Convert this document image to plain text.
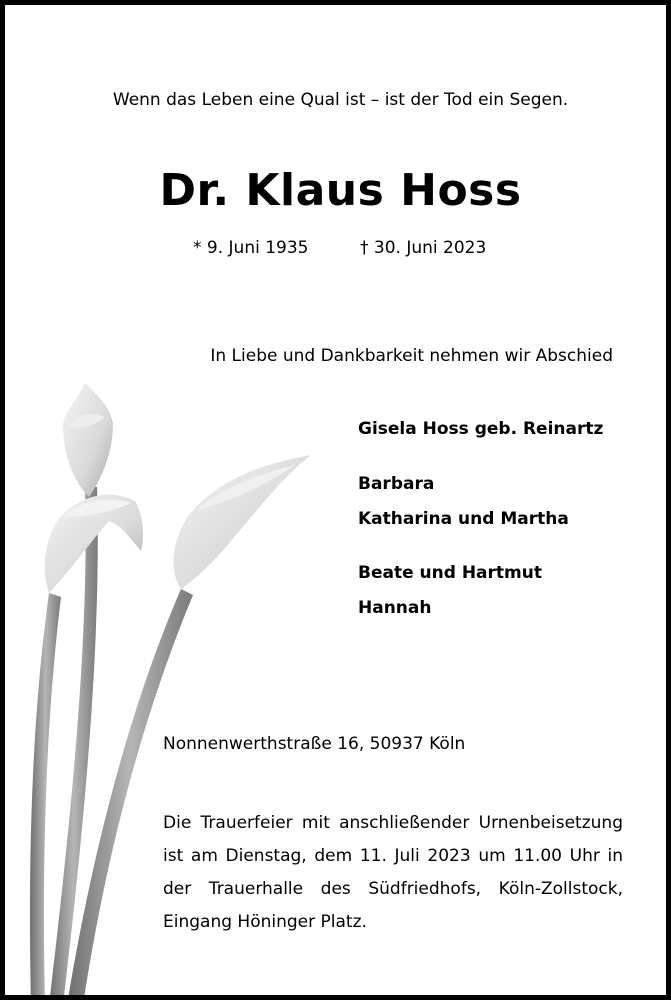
Wenn das Leben eine Qual ist – ist der Tod ein Segen.
Dr. Klaus Hoss
* 9. Juni 1935	† 30. Juni 2023
In Liebe und Dankbarkeit nehmen wir Abschied
Gisela Hoss geb. Reinartz
Barbara
Katharina und Martha
Beate und Hartmut
Hannah
Nonnenwerthstraße 16, 50937 Köln

Die Trauerfeier mit anschließender Urnenbeisetzung ist am Dienstag, dem 11. Juli 2023 um 11.00 Uhr in der Trauerhalle des Südfriedhofs, Köln-Zollstock, Eingang Höninger Platz.
